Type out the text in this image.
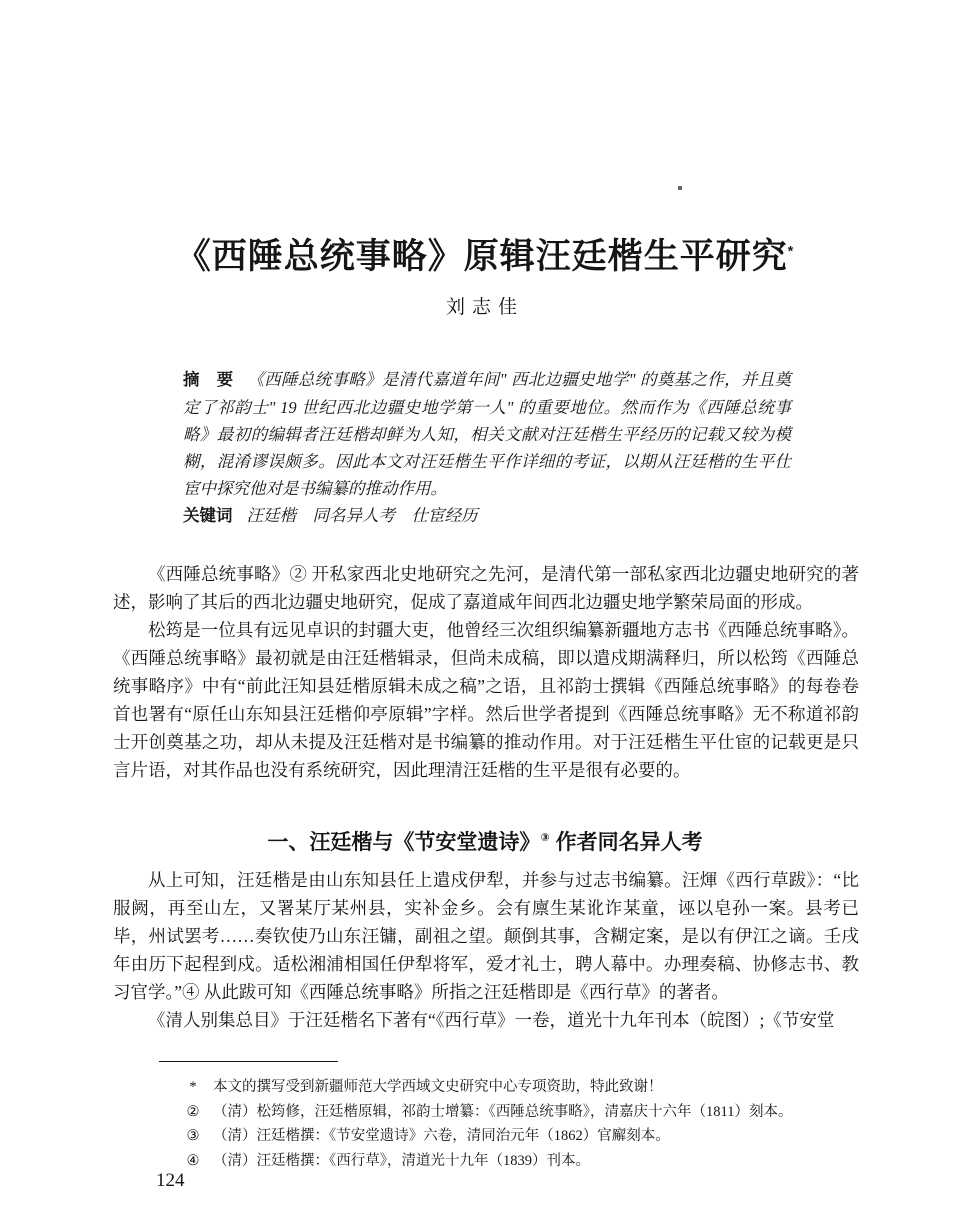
《西陲总统事略》原辑汪廷楷生平研究*
刘志佳

摘　要 《西陲总统事略》是清代嘉道年间" 西北边疆史地学" 的奠基之作，并且奠定了祁韵士" 19 世纪西北边疆史地学第一人" 的重要地位。然而作为《西陲总统事略》最初的编辑者汪廷楷却鲜为人知，相关文献对汪廷楷生平经历的记载又较为模糊，混淆谬误颇多。因此本文对汪廷楷生平作详细的考证，以期从汪廷楷的生平仕宦中探究他对是书编纂的推动作用。

关键词 汪廷楷　同名异人考　仕宦经历

《西陲总统事略》② 开私家西北史地研究之先河，是清代第一部私家西北边疆史地研究的著述，影响了其后的西北边疆史地研究，促成了嘉道咸年间西北边疆史地学繁荣局面的形成。

松筠是一位具有远见卓识的封疆大吏，他曾经三次组织编纂新疆地方志书《西陲总统事略》。《西陲总统事略》最初就是由汪廷楷辑录，但尚未成稿，即以遣戍期满释归，所以松筠《西陲总统事略序》中有“前此汪知县廷楷原辑未成之稿”之语，且祁韵士撰辑《西陲总统事略》的每卷卷首也署有“原任山东知县汪廷楷仰亭原辑”字样。然后世学者提到《西陲总统事略》无不称道祁韵士开创奠基之功，却从未提及汪廷楷对是书编纂的推动作用。对于汪廷楷生平仕宦的记载更是只言片语，对其作品也没有系统研究，因此理清汪廷楷的生平是很有必要的。

一、汪廷楷与《节安堂遗诗》③ 作者同名异人考

从上可知，汪廷楷是由山东知县任上遣戍伊犁，并参与过志书编纂。汪煇《西行草跋》：“比服阙，再至山左，又署某厅某州县，实补金乡。会有廪生某讹诈某童，诬以皂孙一案。县考已毕，州试罢考……奏钦使乃山东汪镛，副祖之望。颠倒其事，含糊定案，是以有伊江之谪。壬戌年由历下起程到戍。适松湘浦相国任伊犁将军，爱才礼士，聘人幕中。办理奏稿、协修志书、教习官学。”④ 从此跋可知《西陲总统事略》所指之汪廷楷即是《西行草》的著者。

《清人别集总目》于汪廷楷名下著有“《西行草》一卷，道光十九年刊本（皖图）;《节安堂

*	本文的撰写受到新疆师范大学西域文史研究中心专项资助，特此致谢！
② （清）松筠修，汪廷楷原辑，祁韵士增纂：《西陲总统事略》，清嘉庆十六年（1811）刻本。
③ （清）汪廷楷撰：《节安堂遗诗》六卷，清同治元年（1862）官廨刻本。
④ （清）汪廷楷撰：《西行草》，清道光十九年（1839）刊本。
124
